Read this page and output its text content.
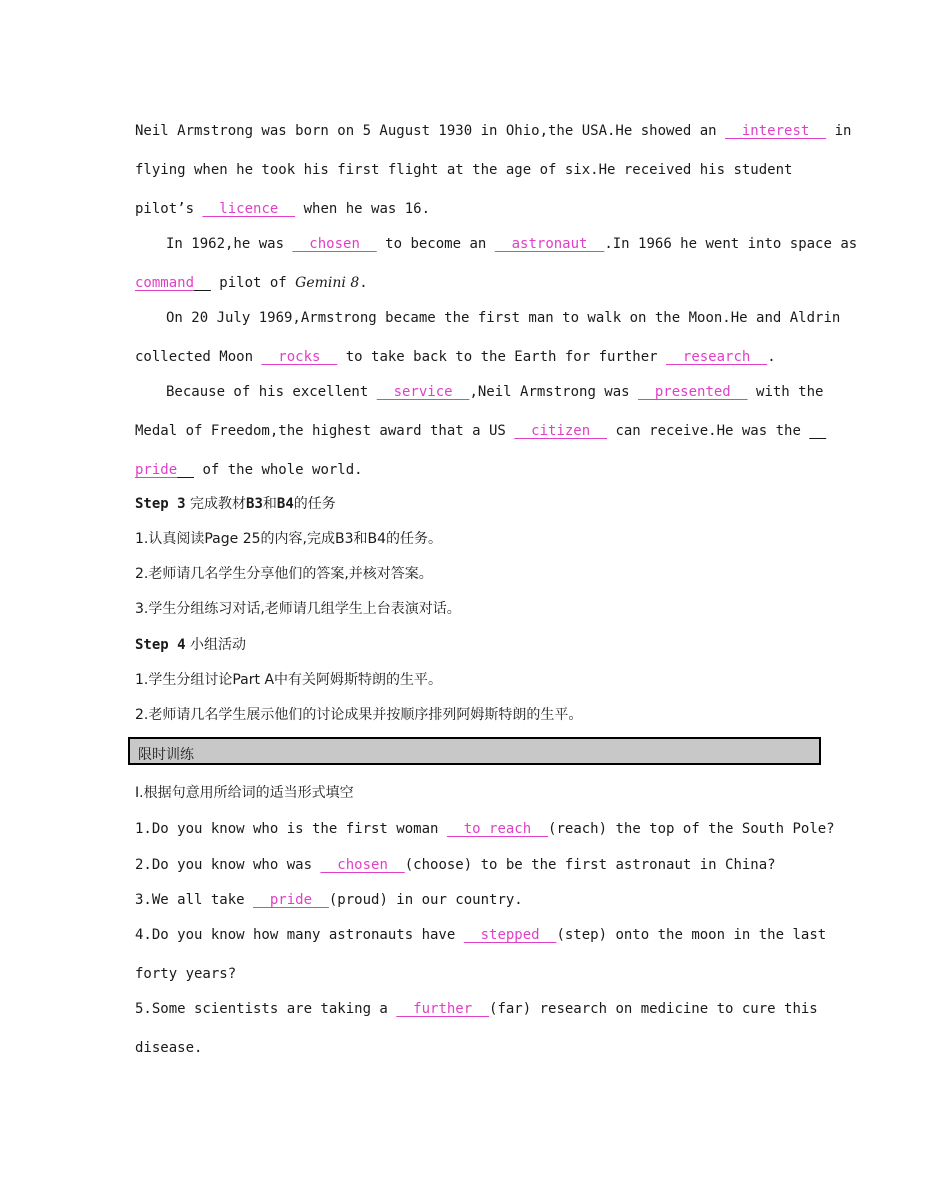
Neil Armstrong was born on 5 August 1930 in Ohio,the USA.He showed an   interest   in
flying when he took his first flight at the age of six.He received his student
pilot’s   licence   when he was 16.
In 1962,he was   chosen   to become an   astronaut  .In 1966 he went into space as
command   pilot of Gemini 8.
On 20 July 1969,Armstrong became the first man to walk on the Moon.He and Aldrin
collected Moon   rocks   to take back to the Earth for further   research  .
Because of his excellent   service  ,Neil Armstrong was   presented   with the
Medal of Freedom,the highest award that a US   citizen   can receive.He was the
pride   of the whole world.
Step 3 完成教材B3和B4的任务
1.认真阅读Page 25的内容,完成B3和B4的任务。
2.老师请几名学生分享他们的答案,并核对答案。
3.学生分组练习对话,老师请几组学生上台表演对话。
Step 4 小组活动
1.学生分组讨论Part A中有关阿姆斯特朗的生平。
2.老师请几名学生展示他们的讨论成果并按顺序排列阿姆斯特朗的生平。
限时训练
Ⅰ.根据句意用所给词的适当形式填空
1.Do you know who is the first woman   to reach  (reach) the top of the South Pole?
2.Do you know who was   chosen  (choose) to be the first astronaut in China?
3.We all take   pride  (proud) in our country.
4.Do you know how many astronauts have   stepped  (step) onto the moon in the last
forty years?
5.Some scientists are taking a   further  (far) research on medicine to cure this
disease.
